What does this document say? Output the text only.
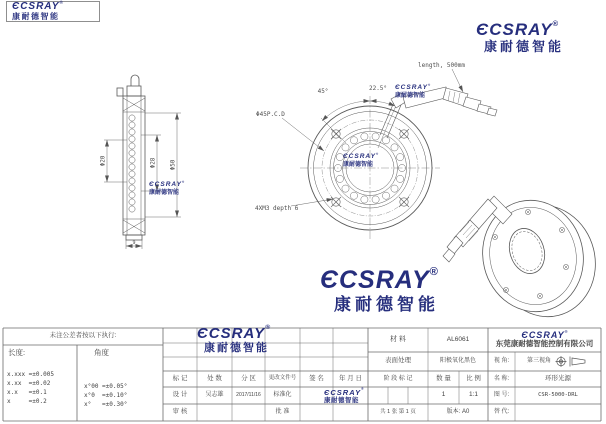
Φ20	Φ28 Φ50
9
45°	22.5°
Φ45P.C.D
4XM3 depth 6
length, 500mm
Є CSRAY ®
康耐德智能
Є CSRAY ®
康耐德智能
Є CSRAY ®
康耐德智能
Є CSRAY ®
康耐德智能
Є CSRAY ®
康耐德智能
Є CSRAY ®
康耐德智能
Є CSRAY ®
康耐德智能
Є CSRAY ®
康耐德智能
未注公差者按以下执行:
长度:
x.xxx =±0.005
x.xx  =±0.02
x.x   =±0.1
x     =±0.2
角度
x°00 =±0.05°
x°0  =±0.10°
x°   =±0.30°
标 记	处 数	分 区	更改文件号	签 名	年 月 日	阶 段 标 记
设 计	吴志雄	2017/11/16	标准化
审 核	批 准
材 料	AL6061
表面处理	阳极氧化黑色
数 量	比 例
1	1:1
共 1 张 第 1 页	版本: A0
Є CSRAY ®
东莞康耐德智能控制有限公司
视 角:	第三视角
名 称:	环形光源
图 号:	CSR-5000-DRL
替 代:
